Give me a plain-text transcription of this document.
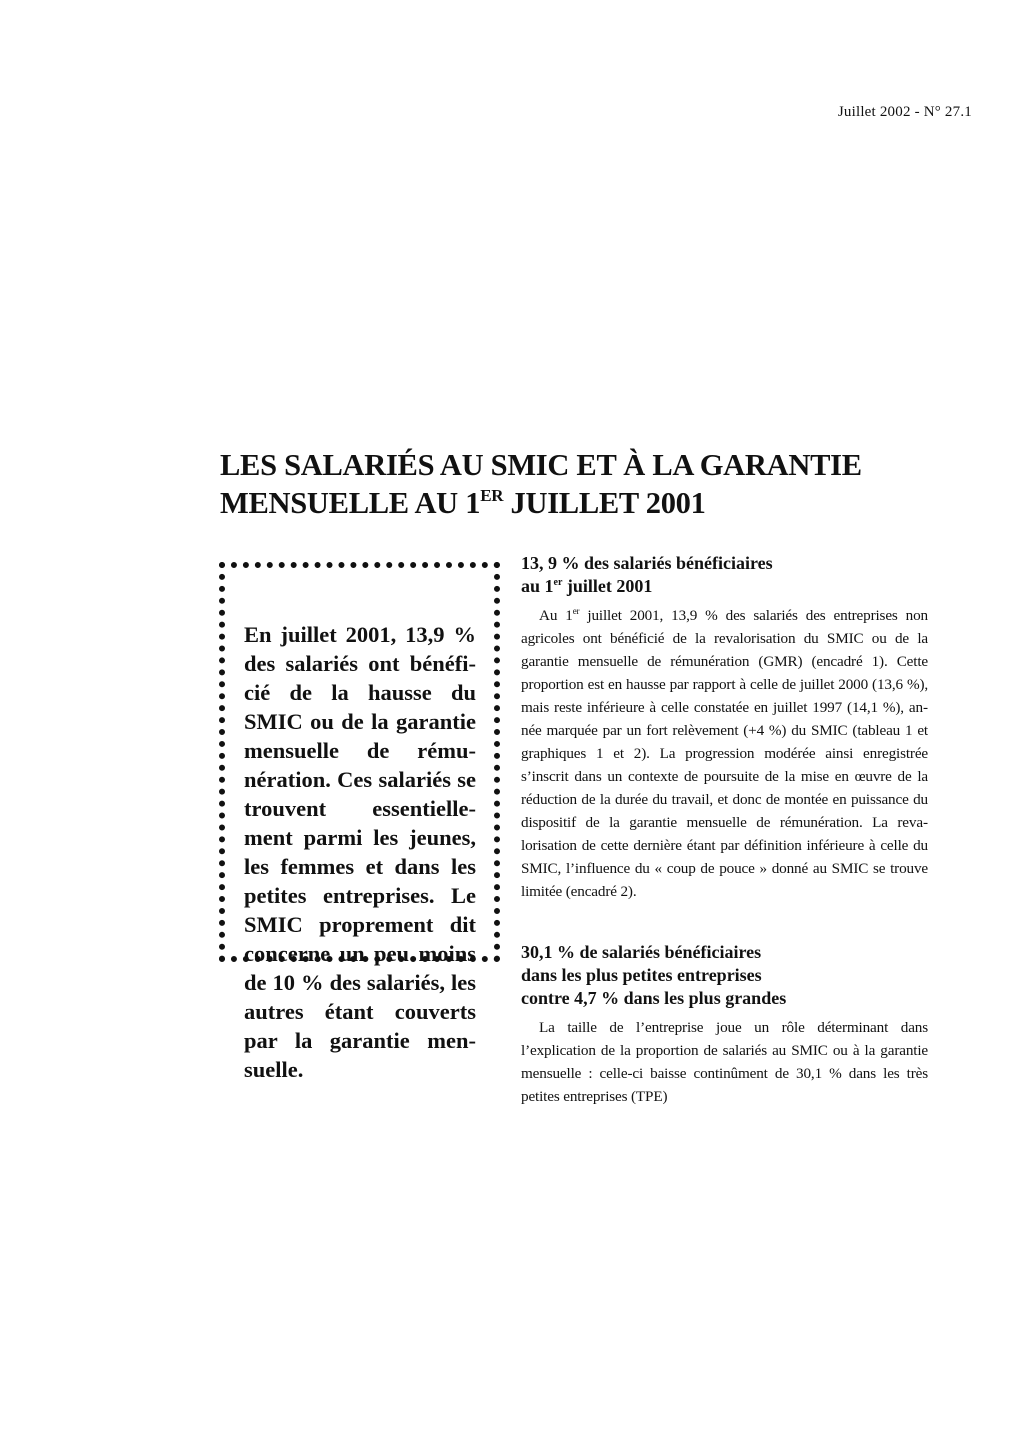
Juillet 2002 - N° 27.1
LES SALARIÉS AU SMIC ET À LA GARANTIE
MENSUELLE AU 1ER JUILLET 2001

En juillet 2001, 13,9 % des salariés ont bénéficié de la hausse du SMIC ou de la garantie mensuelle de rémunération. Ces salariés se trouvent essentiellement parmi les jeunes, les femmes et dans les petites entreprises. Le SMIC proprement dit concerne un peu moins de 10 % des salariés, les autres étant couverts par la garantie mensuelle.

13, 9 % des salariés bénéficiaires
au 1er juillet 2001

Au 1er juillet 2001, 13,9 % des salariés des entreprises non agricoles ont bénéficié de la revalorisation du SMIC ou de la garantie mensuelle de rémunération (GMR) (encadré 1). Cette proportion est en hausse par rapport à celle de juillet 2000 (13,6 %), mais reste inférieure à celle constatée en juillet 1997 (14,1 %), année marquée par un fort relèvement (+4 %) du SMIC (tableau 1 et graphiques 1 et 2). La progression modérée ainsi enregistrée s’inscrit dans un contexte de poursuite de la mise en œuvre de la réduction de la durée du travail, et donc de montée en puissance du dispositif de la garantie mensuelle de rémunération. La revalorisation de cette dernière étant par définition inférieure à celle du SMIC, l’influence du « coup de pouce » donné au SMIC se trouve limitée (encadré 2).

30,1 % de salariés bénéficiaires
dans les plus petites entreprises
contre 4,7 % dans les plus grandes

La taille de l’entreprise joue un rôle déterminant dans l’explication de la proportion de salariés au SMIC ou à la garantie mensuelle : celle-ci baisse continûment de 30,1 % dans les très petites entreprises (TPE)
